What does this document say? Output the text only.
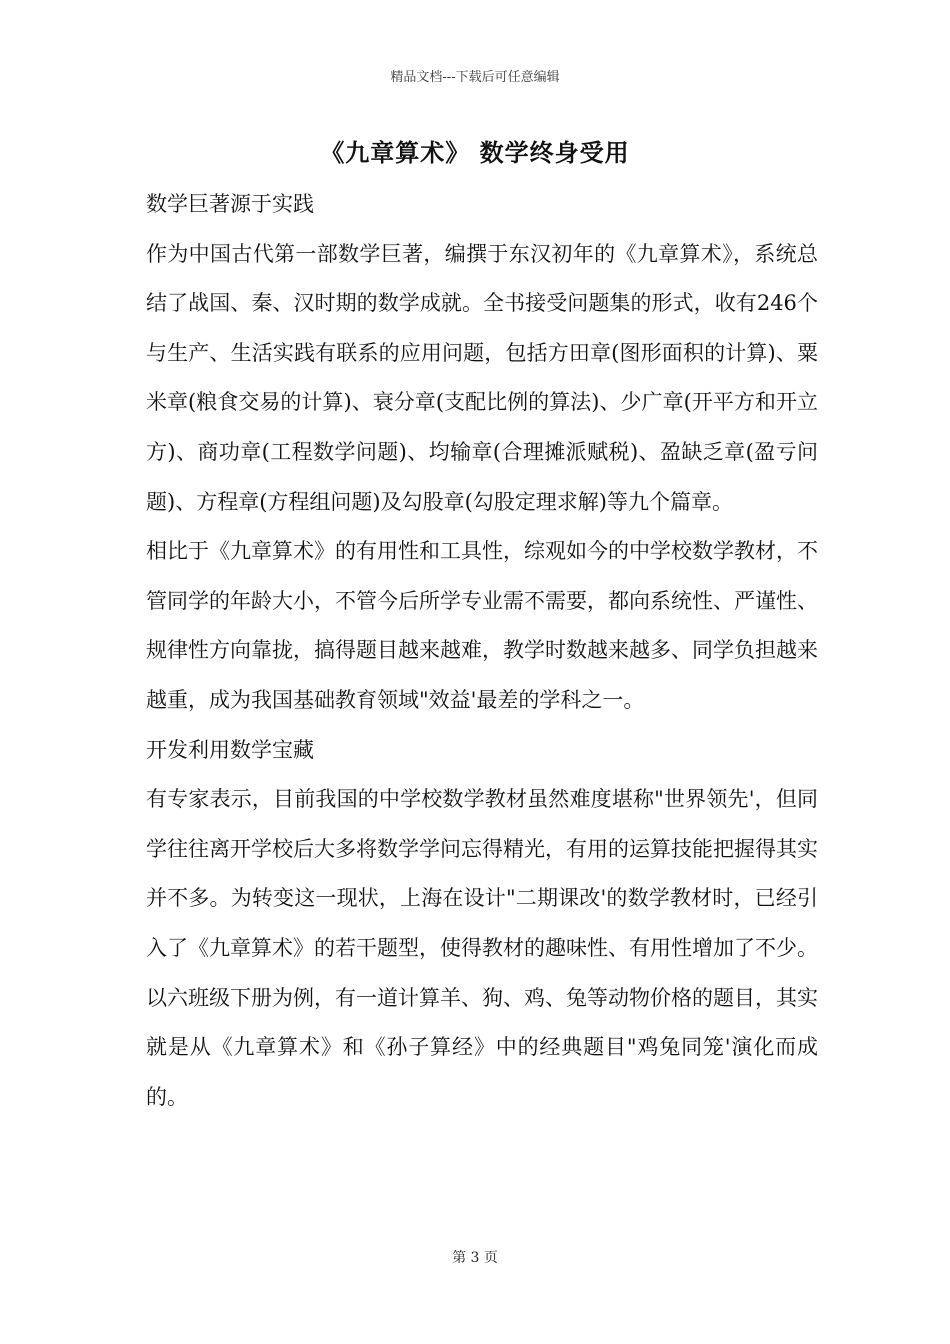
精品文档---下载后可任意编辑
《九章算术》 数学终身受用

数学巨著源于实践

作为中国古代第一部数学巨著，编撰于东汉初年的《九章算术》，系统总结了战国、秦、汉时期的数学成就。全书接受问题集的形式，收有246个与生产、生活实践有联系的应用问题，包括方田章(图形面积的计算)、粟米章(粮食交易的计算)、衰分章(支配比例的算法)、少广章(开平方和开立方)、商功章(工程数学问题)、均输章(合理摊派赋税)、盈缺乏章(盈亏问题)、方程章(方程组问题)及勾股章(勾股定理求解)等九个篇章。

相比于《九章算术》的有用性和工具性，综观如今的中学校数学教材，不管同学的年龄大小，不管今后所学专业需不需要，都向系统性、严谨性、规律性方向靠拢，搞得题目越来越难，教学时数越来越多、同学负担越来越重，成为我国基础教育领域"效益'最差的学科之一。

开发利用数学宝藏

有专家表示，目前我国的中学校数学教材虽然难度堪称"世界领先'，但同学往往离开学校后大多将数学学问忘得精光，有用的运算技能把握得其实并不多。为转变这一现状，上海在设计"二期课改'的数学教材时，已经引入了《九章算术》的若干题型，使得教材的趣味性、有用性增加了不少。以六班级下册为例，有一道计算羊、狗、鸡、兔等动物价格的题目，其实就是从《九章算术》和《孙子算经》中的经典题目"鸡兔同笼'演化而成的。

第 3 页
